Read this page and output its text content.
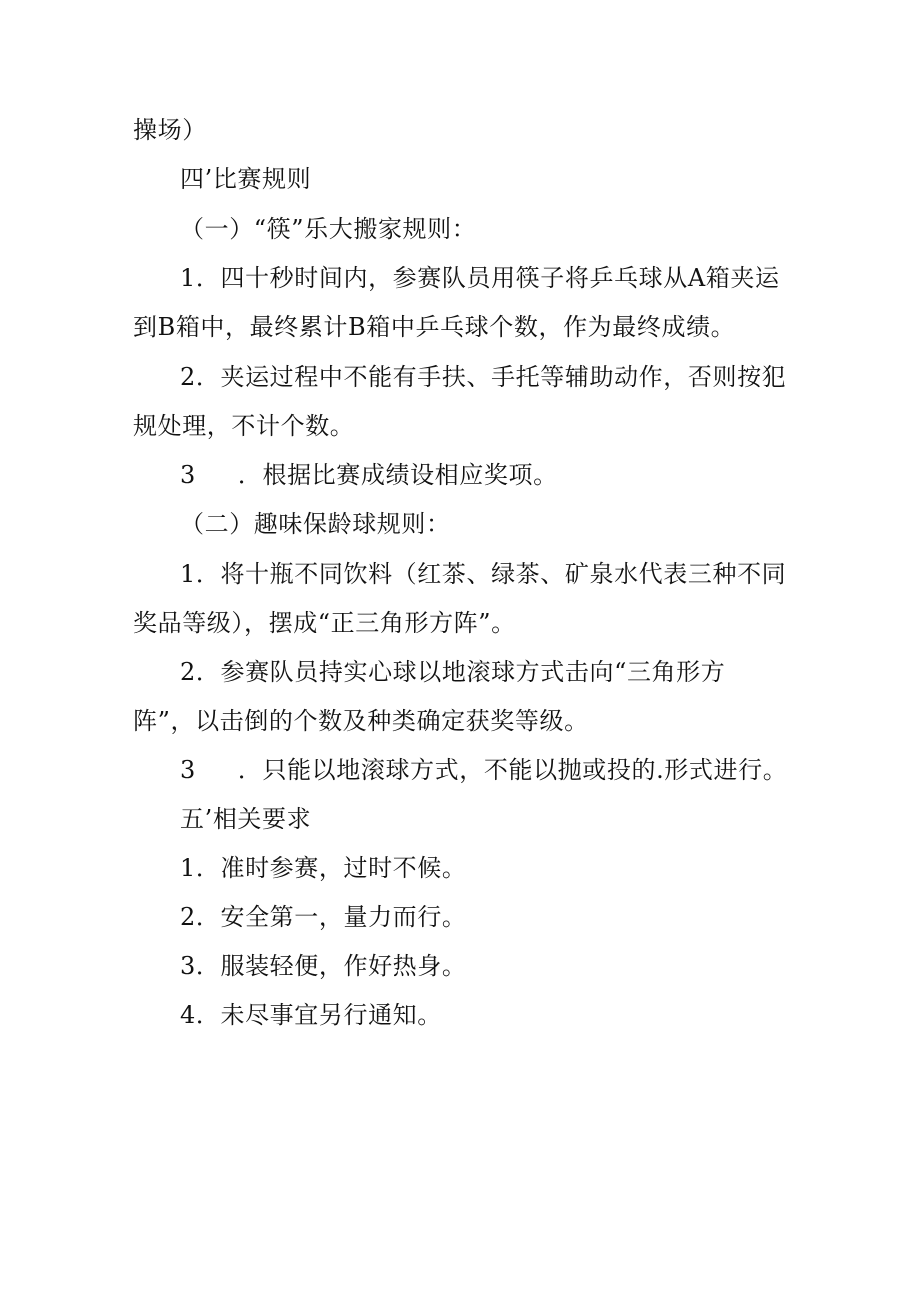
操场）
四’比赛规则
（一）“筷”乐大搬家规则：
1．四十秒时间内，参赛队员用筷子将乒乓球从A箱夹运
到B箱中，最终累计B箱中乒乓球个数，作为最终成绩。
2．夹运过程中不能有手扶、手托等辅助动作，否则按犯
规处理，不计个数。
3 ．根据比赛成绩设相应奖项。
（二）趣味保龄球规则：
1．将十瓶不同饮料（红茶、绿茶、矿泉水代表三种不同
奖品等级），摆成“正三角形方阵”。
2．参赛队员持实心球以地滚球方式击向“三角形方
阵”，以击倒的个数及种类确定获奖等级。
3 ．只能以地滚球方式，不能以抛或投的.形式进行。
五’相关要求
1．准时参赛，过时不候。
2．安全第一，量力而行。
3．服装轻便，作好热身。
4．未尽事宜另行通知。
